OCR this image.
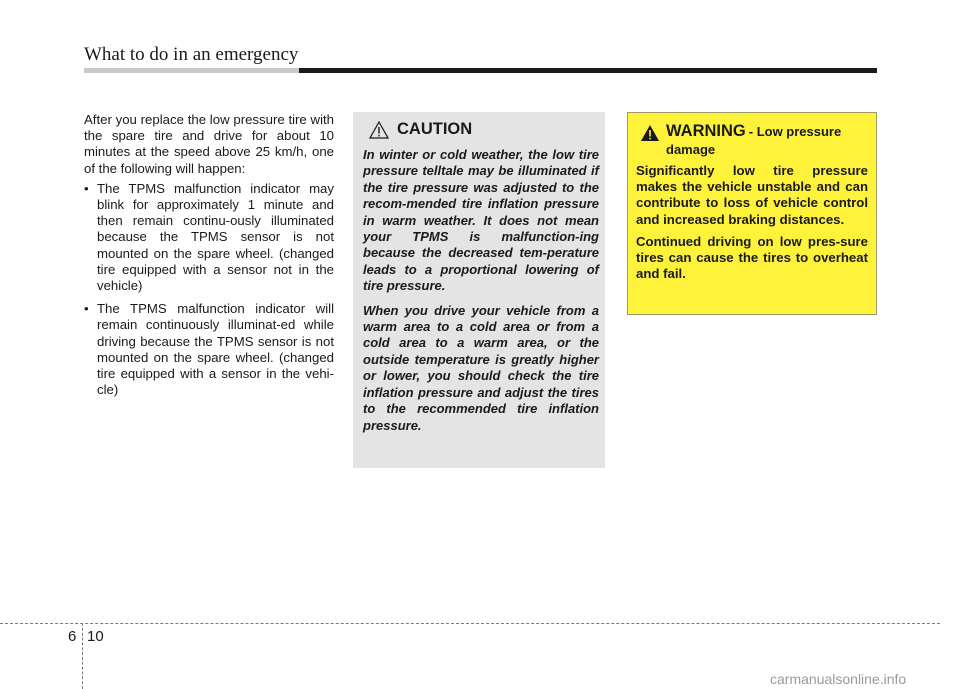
What to do in an emergency

After you replace the low pressure tire with the spare tire and drive for about 10 minutes at the speed above 25 km/h, one of the following will happen:

• The TPMS malfunction indicator may blink for approximately 1 minute and then remain continu-ously illuminated because the TPMS sensor is not mounted on the spare wheel. (changed tire equipped with a sensor not in the vehicle)
• The TPMS malfunction indicator will remain continuously illuminat-ed while driving because the TPMS sensor is not mounted on the spare wheel. (changed tire equipped with a sensor in the vehi-cle)
CAUTION

In winter or cold weather, the low tire pressure telltale may be illuminated if the tire pressure was adjusted to the recom-mended tire inflation pressure in warm weather. It does not mean your TPMS is malfunction-ing because the decreased tem-perature leads to a proportional lowering of tire pressure.

When you drive your vehicle from a warm area to a cold area or from a cold area to a warm area, or the outside temperature is greatly higher or lower, you should check the tire inflation pressure and adjust the tires to the recommended tire inflation pressure.

WARNING - Low pressure
damage

Significantly low tire pressure makes the vehicle unstable and can contribute to loss of vehicle control and increased braking distances.

Continued driving on low pres-sure tires can cause the tires to overheat and fail.

6 10
carmanualsonline.info
